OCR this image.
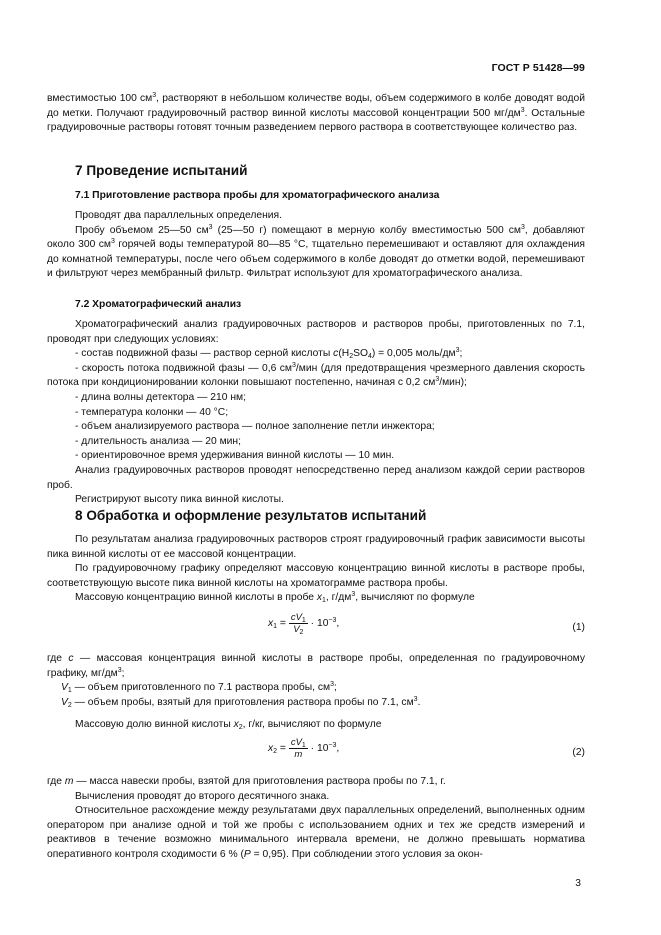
ГОСТ Р 51428—99

вместимостью 100 $см^3$, растворяют в небольшом количестве воды, объем содержимого в колбе доводят водой до метки. Получают градуировочный раствор винной кислоты массовой концентрации 500 $мг/дм^3$. Остальные градуировочные растворы готовят точным разведением первого раствора в соответствующее количество раз.

7 Проведение испытаний
7.1 Приготовление раствора пробы для хроматографического анализа

Проводят два параллельных определения.

Пробу объемом 25—50 $см^3$ (25—50 г) помещают в мерную колбу вместимостью 500 $см^3$, добавляют около 300 $см^3$ горячей воды температурой 80—85 °С, тщательно перемешивают и оставляют для охлаждения до комнатной температуры, после чего объем содержимого в колбе доводят до отметки водой, перемешивают и фильтруют через мембранный фильтр. Фильтрат используют для хроматографического анализа.

7.2 Хроматографический анализ

Хроматографический анализ градуировочных растворов и растворов пробы, приготовленных по 7.1, проводят при следующих условиях:

- состав подвижной фазы — раствор серной кислоты $c(H_2SO_4) = 0,005$ моль/$дм^3$;

- скорость потока подвижной фазы — 0,6 $см^3$/мин (для предотвращения чрезмерного давления скорость потока при кондиционировании колонки повышают постепенно, начиная с 0,2 $см^3/мин$);

- длина волны детектора — 210 нм;

- температура колонки — 40 °С;

- объем анализируемого раствора — полное заполнение петли инжектора;

- длительность анализа — 20 мин;

- ориентировочное время удерживания винной кислоты — 10 мин.

Анализ градуировочных растворов проводят непосредственно перед анализом каждой серии растворов проб.

Регистрируют высоту пика винной кислоты.

8 Обработка и оформление результатов испытаний

По результатам анализа градуировочных растворов строят градуировочный график зависимости высоты пика винной кислоты от ее массовой концентрации.

По градуировочному графику определяют массовую концентрацию винной кислоты в растворе пробы, соответствующую высоте пика винной кислоты на хроматограмме раствора пробы.

Массовую концентрацию винной кислоты в пробе $x_1$, $г/дм^3$, вычисляют по формуле

$x_1 = \frac{cV_1}{V_2} \cdot 10^{-3}$,	(1)
где c — массовая концентрация винной кислоты в растворе пробы, определенная по градуировочному графику, $мг/дм^3$;
$V_1$ — объем приготовленного по 7.1 раствора пробы, $см^3$;
$V_2$ — объем пробы, взятый для приготовления раствора пробы по 7.1, $см^3$.

Массовую долю винной кислоты $x_2$, г/кг, вычисляют по формуле

$x_2 = \frac{cV_1}{m} \cdot 10^{-3}$,	(2)

где m — масса навески пробы, взятой для приготовления раствора пробы по 7.1, г.

Вычисления проводят до второго десятичного знака.

Относительное расхождение между результатами двух параллельных определений, выполненных одним оператором при анализе одной и той же пробы с использованием одних и тех же средств измерений и реактивов в течение возможно минимального интервала времени, не должно превышать норматива оперативного контроля сходимости 6 % (P = 0,95). При соблюдении этого условия за окон-

3
